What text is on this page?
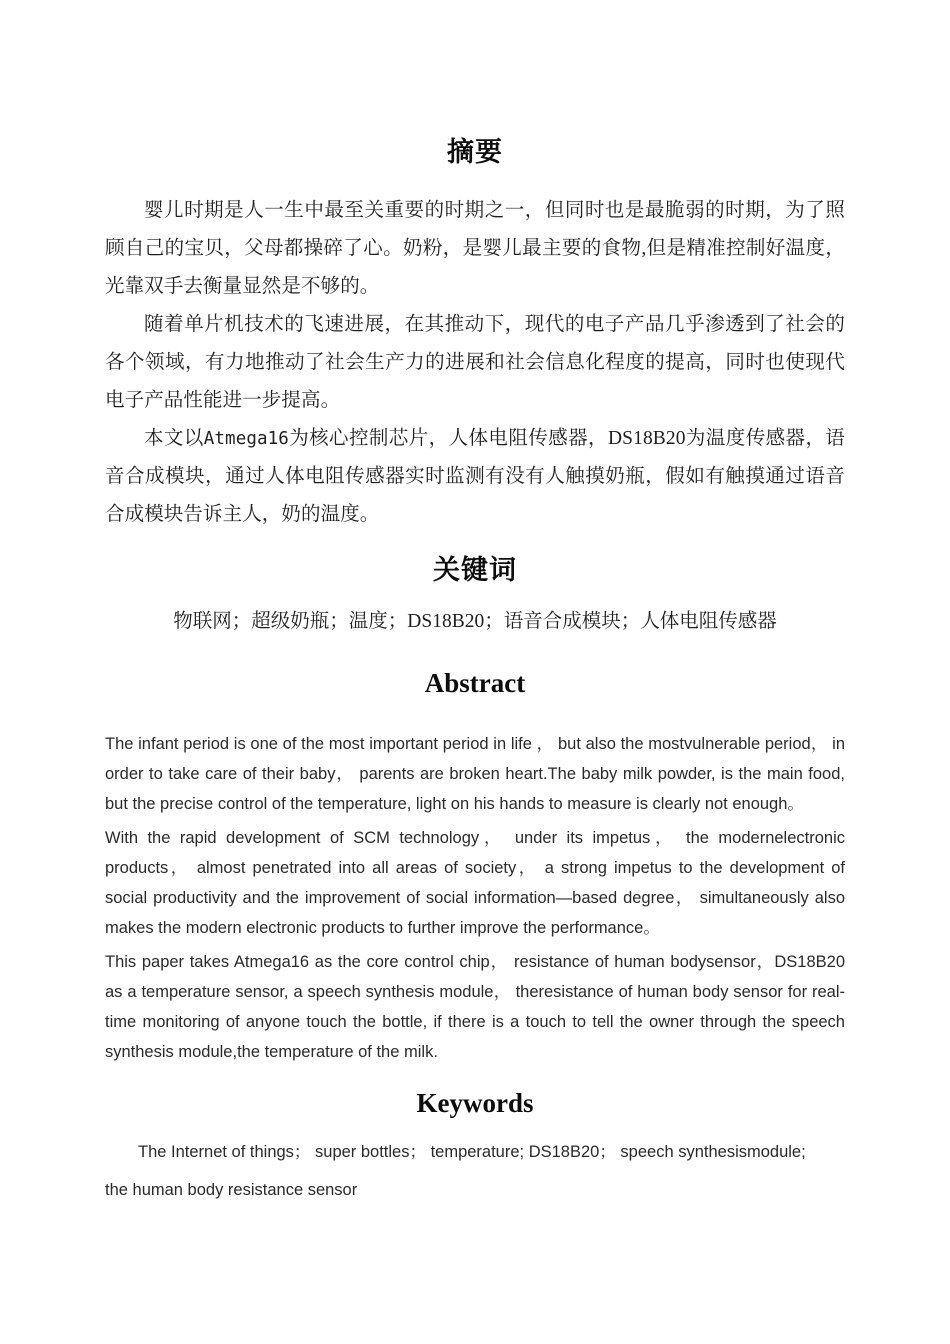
摘要

婴儿时期是人一生中最至关重要的时期之一，但同时也是最脆弱的时期，为了照顾自己的宝贝，父母都操碎了心。奶粉，是婴儿最主要的食物,但是精准控制好温度，光靠双手去衡量显然是不够的。

随着单片机技术的飞速进展，在其推动下，现代的电子产品几乎渗透到了社会的各个领域，有力地推动了社会生产力的进展和社会信息化程度的提高，同时也使现代电子产品性能进一步提高。

本文以Atmega16为核心控制芯片，人体电阻传感器，DS18B20为温度传感器，语音合成模块，通过人体电阻传感器实时监测有没有人触摸奶瓶，假如有触摸通过语音合成模块告诉主人，奶的温度。

关键词

物联网；超级奶瓶；温度；DS18B20；语音合成模块；人体电阻传感器

Abstract

The infant period is one of the most important period in life ， but also the mostvulnerable period， in order to take care of their baby， parents are broken heart.The baby milk powder, is the main food, but the precise control of the temperature, light on his hands to measure is clearly not enough。

With the rapid development of SCM technology， under its impetus， the modernelectronic products， almost penetrated into all areas of society， a strong impetus to the development of social productivity and the improvement of social information—based degree， simultaneously also makes the modern electronic products to further improve the performance。

This paper takes Atmega16 as the core control chip， resistance of human bodysensor，DS18B20 as a temperature sensor, a speech synthesis module， theresistance of human body sensor for real-time monitoring of anyone touch the bottle, if there is a touch to tell the owner through the speech synthesis module,the temperature of the milk.

Keywords

The Internet of things； super bottles； temperature; DS18B20； speech synthesismodule;

the human body resistance sensor
